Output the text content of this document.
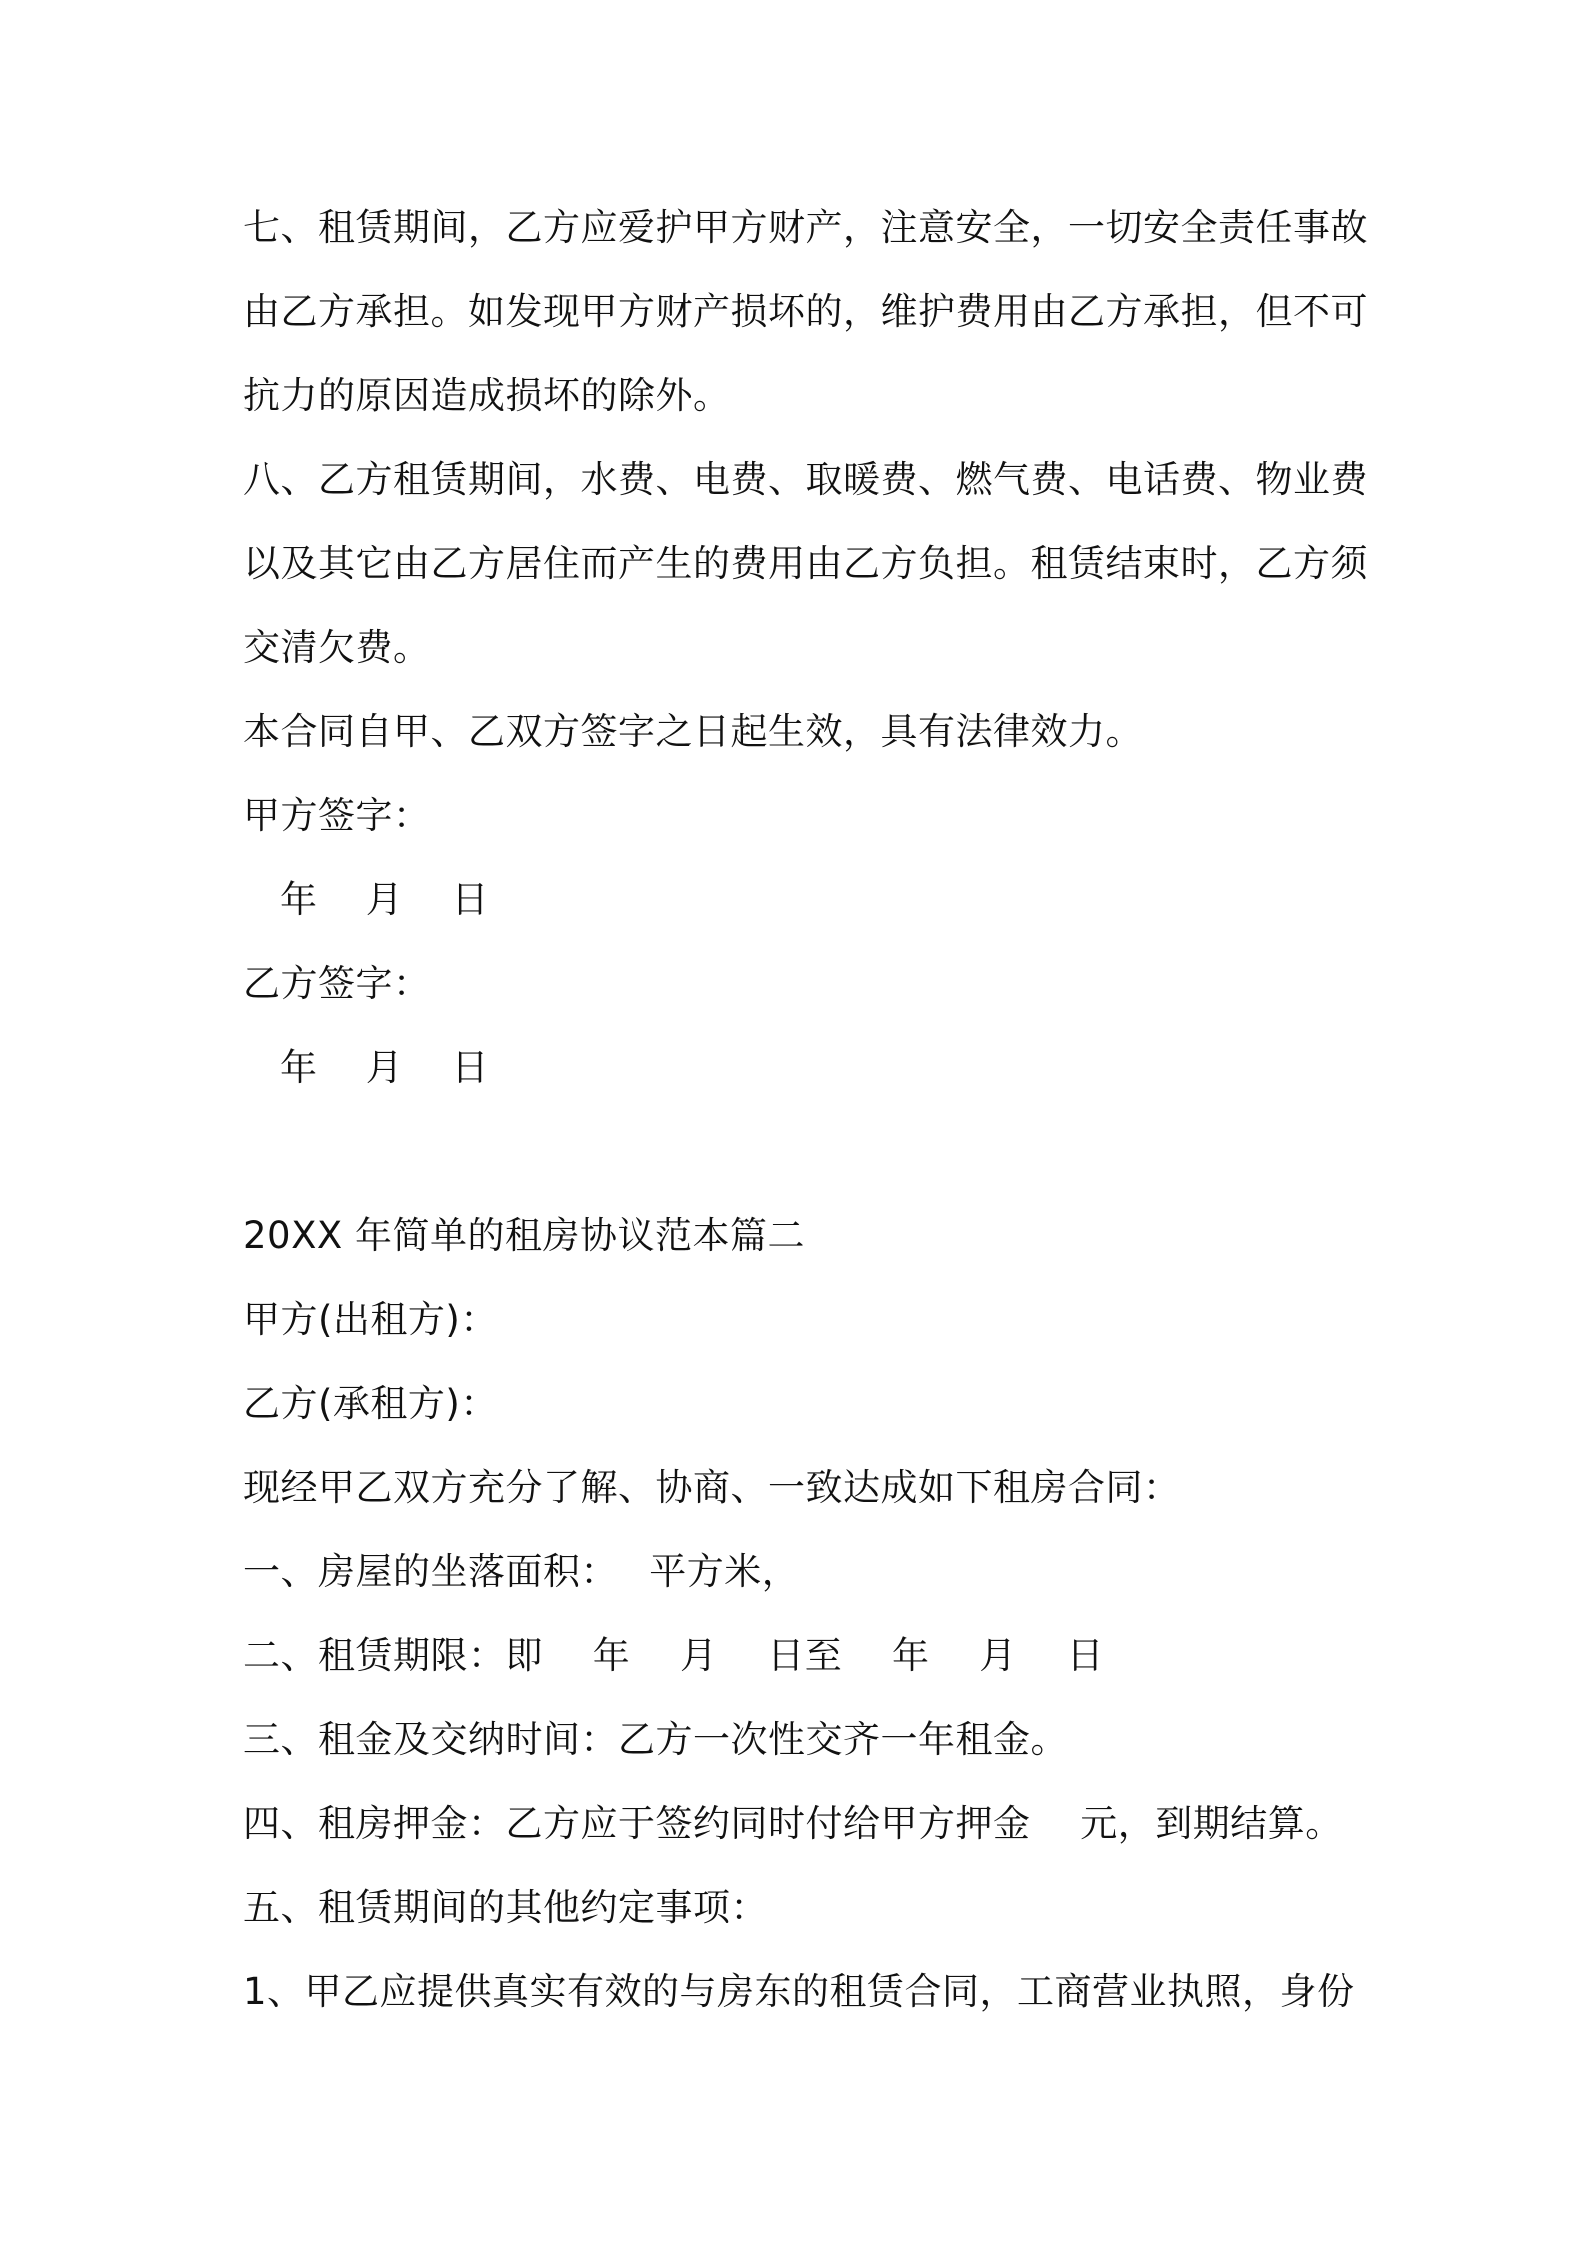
七、租赁期间，乙方应爱护甲方财产，注意安全，一切安全责任事故
由乙方承担。如发现甲方财产损坏的，维护费用由乙方承担，但不可
抗力的原因造成损坏的除外。
八、乙方租赁期间，水费、电费、取暖费、燃气费、电话费、物业费
以及其它由乙方居住而产生的费用由乙方负担。租赁结束时，乙方须
交清欠费。
本合同自甲、乙双方签字之日起生效，具有法律效力。
甲方签字：
年　 月　 日
乙方签字：
年　 月　 日
20XX 年简单的租房协议范本篇二
甲方(出租方)：
乙方(承租方)：
现经甲乙双方充分了解、协商、一致达成如下租房合同：
一、房屋的坐落面积：　 平方米，
二、租赁期限：即　 年　 月　 日至　 年　 月　 日
三、租金及交纳时间：乙方一次性交齐一年租金。
四、租房押金：乙方应于签约同时付给甲方押金　 元，到期结算。
五、租赁期间的其他约定事项：
1、甲乙应提供真实有效的与房东的租赁合同，工商营业执照，身份
